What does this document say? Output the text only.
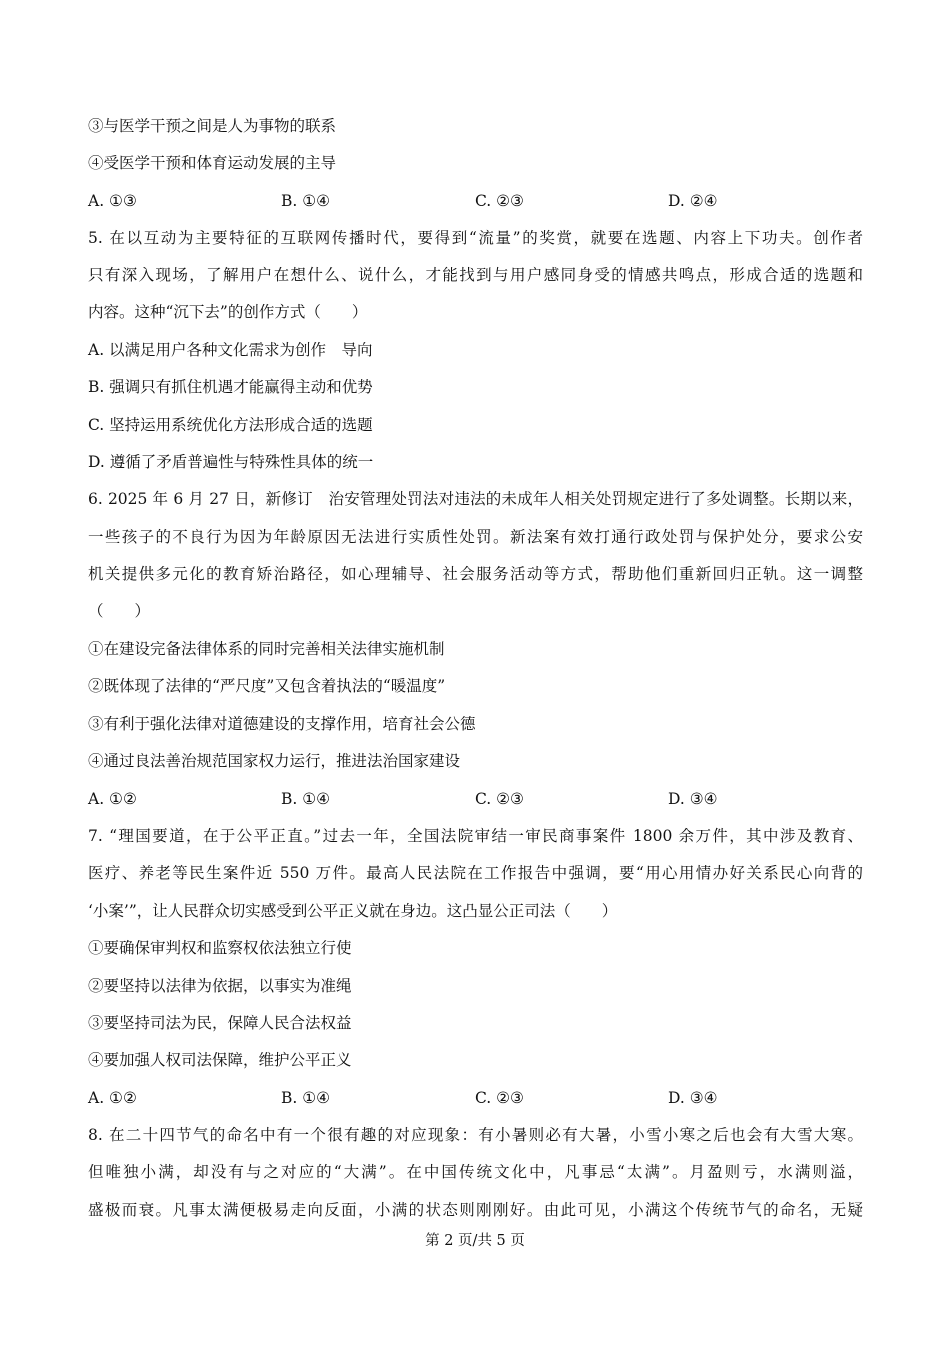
③与医学干预之间是人为事物的联系
④受医学干预和体育运动发展的主导
A. ①③	B. ①④	C. ②③	D. ②④
5. 在以互动为主要特征的互联网传播时代，要得到“流量”的奖赏，就要在选题、内容上下功夫。创作者
只有深入现场，了解用户在想什么、说什么，才能找到与用户感同身受的情感共鸣点，形成合适的选题和
内容。这种“沉下去”的创作方式（　　）
A. 以满足用户各种文化需求为创作　导向
B. 强调只有抓住机遇才能赢得主动和优势
C. 坚持运用系统优化方法形成合适的选题
D. 遵循了矛盾普遍性与特殊性具体的统一
6. 2025 年 6 月 27 日，新修订　治安管理处罚法对违法的未成年人相关处罚规定进行了多处调整。长期以来，
一些孩子的不良行为因为年龄原因无法进行实质性处罚。新法案有效打通行政处罚与保护处分，要求公安
机关提供多元化的教育矫治路径，如心理辅导、社会服务活动等方式，帮助他们重新回归正轨。这一调整
（　　）
①在建设完备法律体系的同时完善相关法律实施机制
②既体现了法律的“严尺度”又包含着执法的“暖温度”
③有利于强化法律对道德建设的支撑作用，培育社会公德
④通过良法善治规范国家权力运行，推进法治国家建设
A. ①②	B. ①④	C. ②③	D. ③④
7. “理国要道，在于公平正直。”过去一年，全国法院审结一审民商事案件 1800 余万件，其中涉及教育、
医疗、养老等民生案件近 550 万件。最高人民法院在工作报告中强调，要“用心用情办好关系民心向背的
‘小案’”，让人民群众切实感受到公平正义就在身边。这凸显公正司法（　　）
①要确保审判权和监察权依法独立行使
②要坚持以法律为依据，以事实为准绳
③要坚持司法为民，保障人民合法权益
④要加强人权司法保障，维护公平正义
A. ①②	B. ①④	C. ②③	D. ③④
8. 在二十四节气的命名中有一个很有趣的对应现象：有小暑则必有大暑，小雪小寒之后也会有大雪大寒。
但唯独小满，却没有与之对应的“大满”。在中国传统文化中，凡事忌“太满”。月盈则亏，水满则溢，
盛极而衰。凡事太满便极易走向反面，小满的状态则刚刚好。由此可见，小满这个传统节气的命名，无疑
第 2 页/共 5 页
